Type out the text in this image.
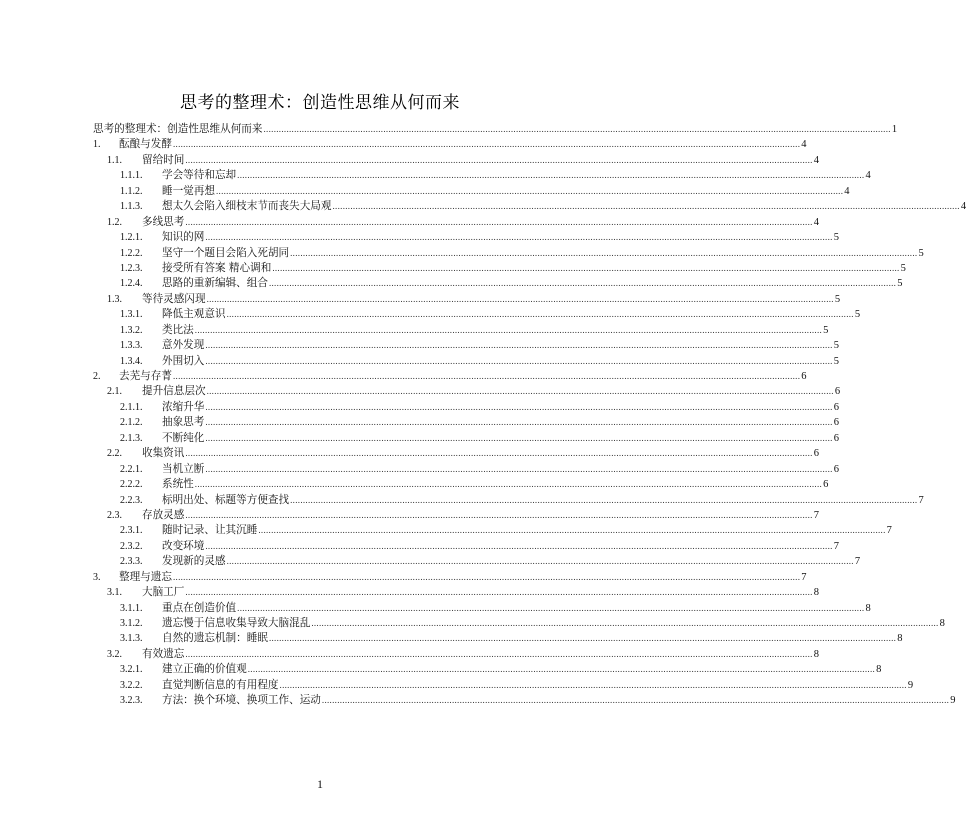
思考的整理术：创造性思维从何而来
思考的整理术：创造性思维从何而来 .....	1
1.	酝酿与发酵 .....	4
1.1.	留给时间 .....	4
1.1.1.	学会等待和忘却 .....	4
1.1.2.	睡一觉再想 .....	4
1.1.3.	想太久会陷入细枝末节而丧失大局观 .....	4
1.2.	多线思考 .....	4
1.2.1.	知识的网 .....	5
1.2.2.	坚守一个题目会陷入死胡同 .....	5
1.2.3.	接受所有答案 精心调和 .....	5
1.2.4.	思路的重新编辑、组合 .....	5
1.3.	等待灵感闪现 .....	5
1.3.1.	降低主观意识 .....	5
1.3.2.	类比法 .....	5
1.3.3.	意外发现 .....	5
1.3.4.	外围切入 .....	5
2.	去芜与存菁 .....	6
2.1.	提升信息层次 .....	6
2.1.1.	浓缩升华 .....	6
2.1.2.	抽象思考 .....	6
2.1.3.	不断纯化 .....	6
2.2.	收集资讯 .....	6
2.2.1.	当机立断 .....	6
2.2.2.	系统性 .....	6
2.2.3.	标明出处、标题等方便查找 .....	7
2.3.	存放灵感 .....	7
2.3.1.	随时记录、让其沉睡 .....	7
2.3.2.	改变环境 .....	7
2.3.3.	发现新的灵感 .....	7
3.	整理与遗忘 .....	7
3.1.	大脑工厂 .....	8
3.1.1.	重点在创造价值 .....	8
3.1.2.	遗忘慢于信息收集导致大脑混乱 .....	8
3.1.3.	自然的遗忘机制：睡眠 .....	8
3.2.	有效遗忘 .....	8
3.2.1.	建立正确的价值观 .....	8
3.2.2.	直觉判断信息的有用程度 .....	9
3.2.3.	方法：换个环境、换项工作、运动 .....	9
1
